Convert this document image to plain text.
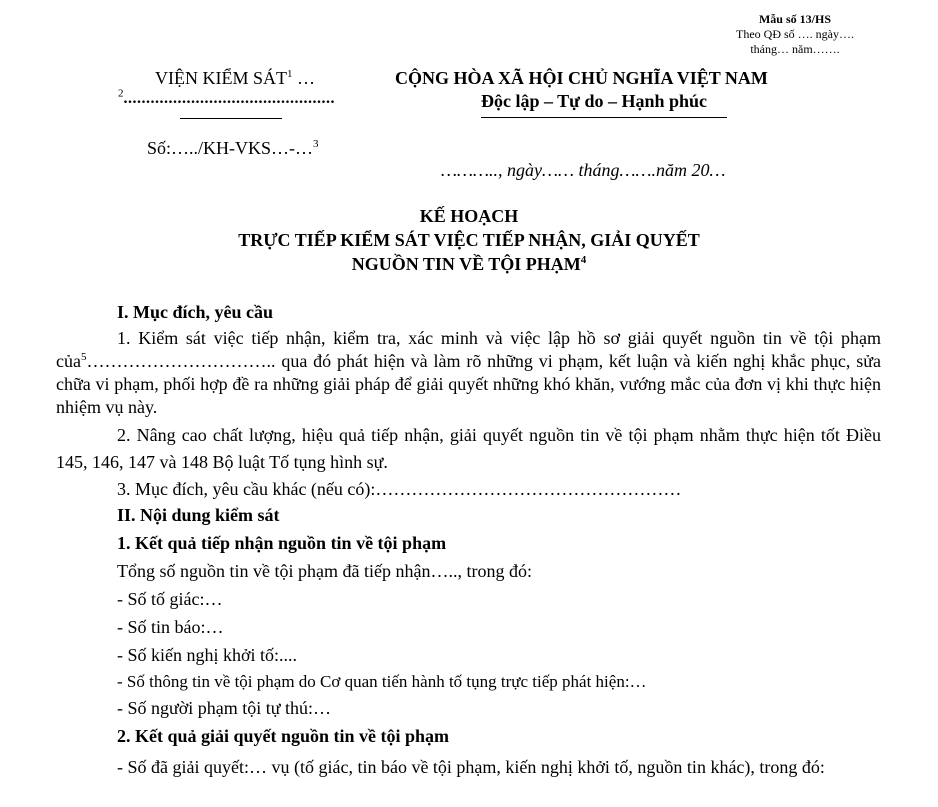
Mẫu số 13/HS
Theo QĐ số …. ngày….
tháng… năm…….
VIỆN KIỂM SÁT$^1$ …
$^2$...............................................
Số:…../KH-VKS…-…$^3$
CỘNG HÒA XÃ HỘI CHỦ NGHĨA VIỆT NAM
Độc lập – Tự do – Hạnh phúc
……….., ngày…… tháng…….năm 20…
KẾ HOẠCH
TRỰC TIẾP KIỂM SÁT VIỆC TIẾP NHẬN, GIẢI QUYẾT
NGUỒN TIN VỀ TỘI PHẠM$^4$
I. Mục đích, yêu cầu
1. Kiểm sát việc tiếp nhận, kiểm tra, xác minh và việc lập hồ sơ giải quyết nguồn tin về tội phạm của$^5$………………………….. qua đó phát hiện và làm rõ những vi phạm, kết luận và kiến nghị khắc phục, sửa chữa vi phạm, phối hợp đề ra những giải pháp để giải quyết những khó khăn, vướng mắc của đơn vị khi thực hiện nhiệm vụ này.
2. Nâng cao chất lượng, hiệu quả tiếp nhận, giải quyết nguồn tin về tội phạm nhằm thực hiện tốt Điều 145, 146, 147 và 148 Bộ luật Tố tụng hình sự.
3. Mục đích, yêu cầu khác (nếu có):……………………………………………
II. Nội dung kiểm sát
1. Kết quả tiếp nhận nguồn tin về tội phạm
Tổng số nguồn tin về tội phạm đã tiếp nhận….., trong đó:
- Số tố giác:…
- Số tin báo:…
- Số kiến nghị khởi tố:....
- Số thông tin về tội phạm do Cơ quan tiến hành tố tụng trực tiếp phát hiện:…
- Số người phạm tội tự thú:…
2. Kết quả giải quyết nguồn tin về tội phạm
- Số đã giải quyết:… vụ (tố giác, tin báo về tội phạm, kiến nghị khởi tố, nguồn tin khác), trong đó:
